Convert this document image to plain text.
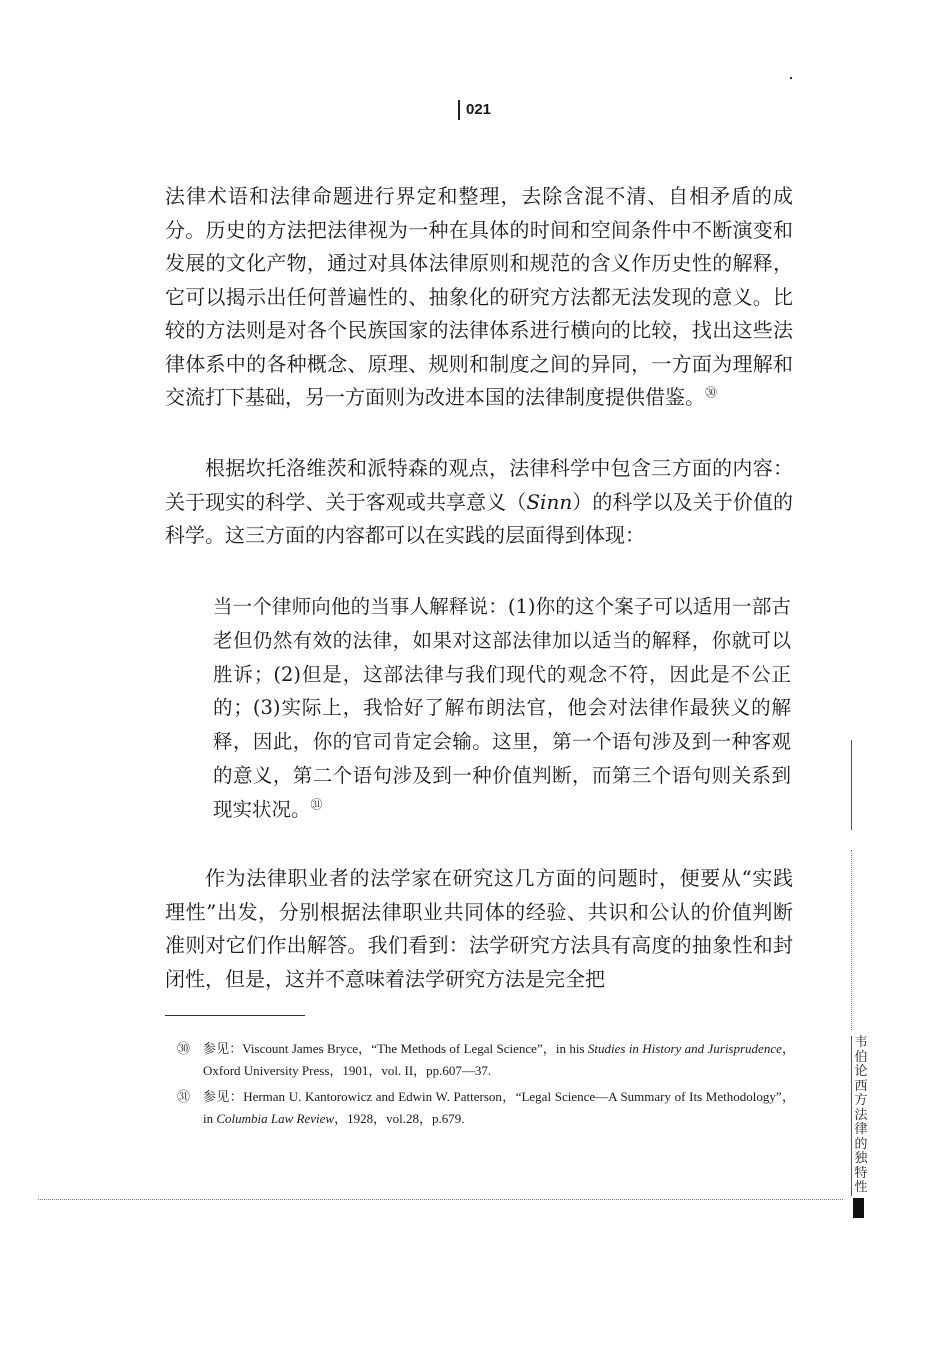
021

法律术语和法律命题进行界定和整理，去除含混不清、自相矛盾的成分。历史的方法把法律视为一种在具体的时间和空间条件中不断演变和发展的文化产物，通过对具体法律原则和规范的含义作历史性的解释，它可以揭示出任何普遍性的、抽象化的研究方法都无法发现的意义。比较的方法则是对各个民族国家的法律体系进行横向的比较，找出这些法律体系中的各种概念、原理、规则和制度之间的异同，一方面为理解和交流打下基础，另一方面则为改进本国的法律制度提供借鉴。$^㉚$

根据坎托洛维茨和派特森的观点，法律科学中包含三方面的内容：关于现实的科学、关于客观或共享意义（Sinn）的科学以及关于价值的科学。这三方面的内容都可以在实践的层面得到体现：

当一个律师向他的当事人解释说：(1)你的这个案子可以适用一部古老但仍然有效的法律，如果对这部法律加以适当的解释，你就可以胜诉；(2)但是，这部法律与我们现代的观念不符，因此是不公正的；(3)实际上，我恰好了解布朗法官，他会对法律作最狭义的解释，因此，你的官司肯定会输。这里，第一个语句涉及到一种客观的意义，第二个语句涉及到一种价值判断，而第三个语句则关系到现实状况。$^㉛$

作为法律职业者的法学家在研究这几方面的问题时，便要从“实践理性”出发，分别根据法律职业共同体的经验、共识和公认的价值判断准则对它们作出解答。我们看到：法学研究方法具有高度的抽象性和封闭性，但是，这并不意味着法学研究方法是完全把

㉚ 参见：Viscount James Bryce，“The Methods of Legal Science”，in his Studies in History and Jurisprudence，Oxford University Press，1901，vol. II，pp.607—37.
㉛ 参见：Herman U. Kantorowicz and Edwin W. Patterson，“Legal Science—A Summary of Its Methodology”，in Columbia Law Review，1928，vol.28，p.679.
韦伯论西方法律的独特性
